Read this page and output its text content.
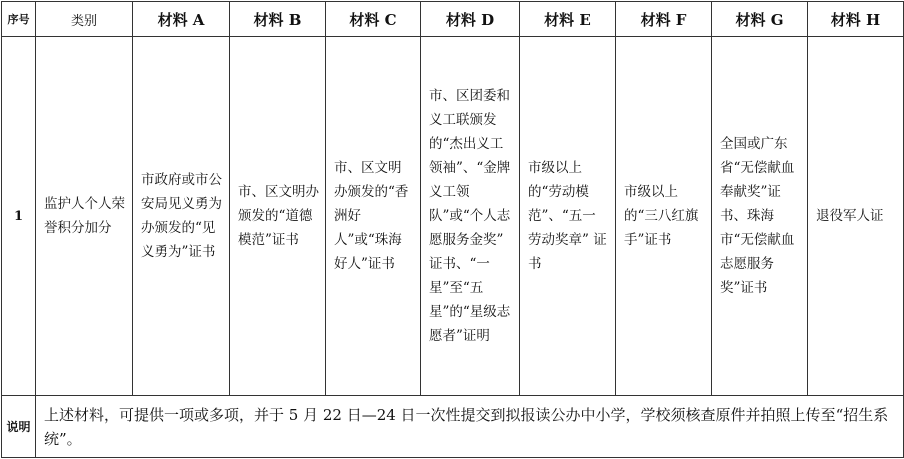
序号	类别	材料 A	材料 B	材料 C	材料 D	材料 E	材料 F	材料 G	材料 H
1	监护人个人荣誉积分加分	市政府或市公安局见义勇为办颁发的“见义勇为”证书	市、区文明办颁发的“道德模范”证书	市、区文明办颁发的“香洲好人”或“珠海好人”证书	市、区团委和义工联颁发的“杰出义工领袖”、“金牌义工领队”或“个人志愿服务金奖” 证书、“一星”至“五星”的“星级志愿者”证明	市级以上的“劳动模范”、“五一劳动奖章” 证书	市级以上的“三八红旗手”证书	全国或广东省“无偿献血奉献奖”证书、珠海市“无偿献血志愿服务奖”证书	退役军人证
说明	上述材料，可提供一项或多项，并于 5 月 22 日—24 日一次性提交到拟报读公办中小学，学校须核查原件并拍照上传至“招生系统”。								
